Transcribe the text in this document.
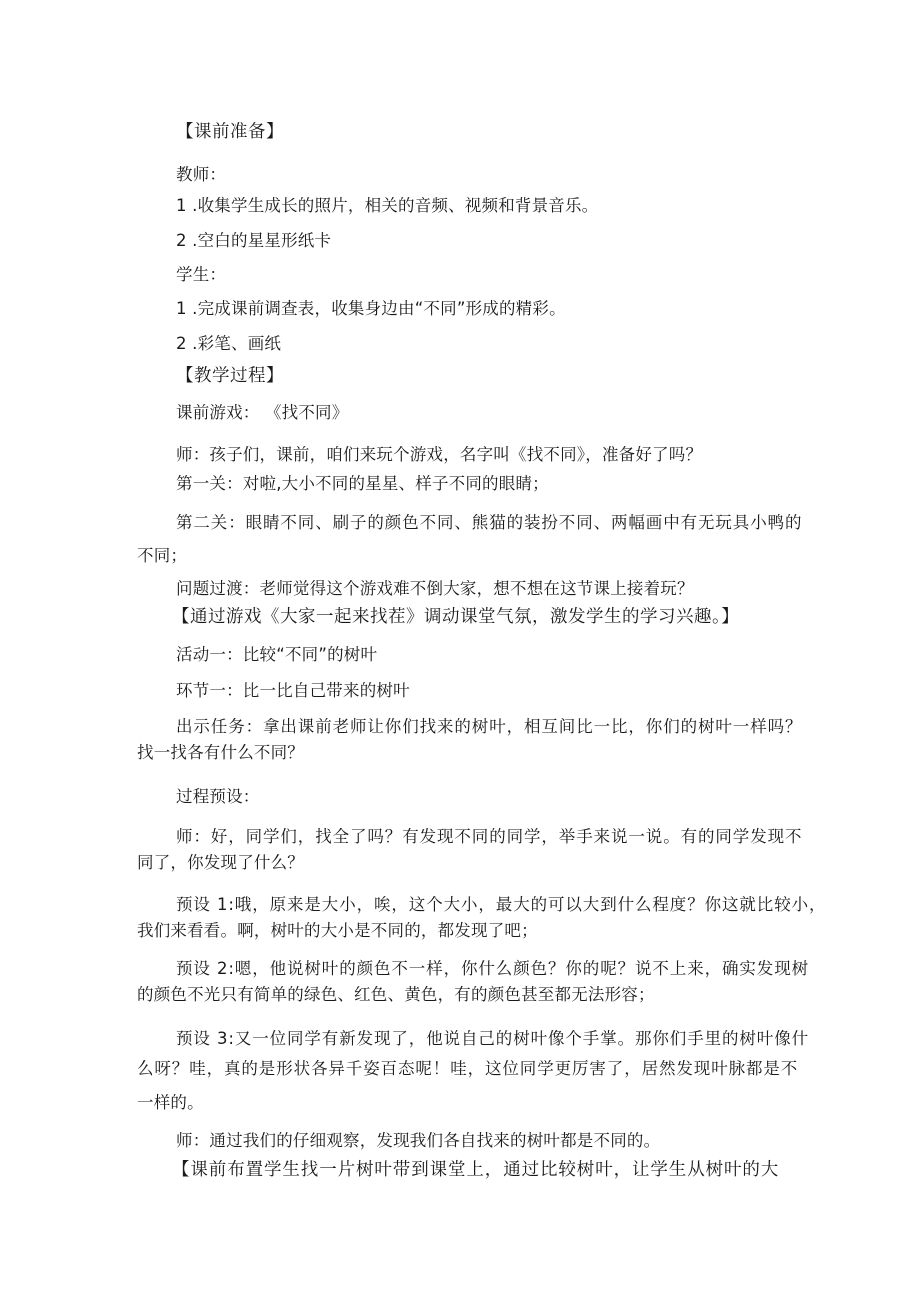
【课前准备】
教师：
1 .收集学生成长的照片，相关的音频、视频和背景音乐。
2 .空白的星星形纸卡
学生：
1 .完成课前调查表，收集身边由“不同”形成的精彩。
2 .彩笔、画纸
【教学过程】
课前游戏： 《找不同》
师：孩子们，课前，咱们来玩个游戏，名字叫《找不同》，准备好了吗？
第一关：对啦,大小不同的星星、样子不同的眼睛；
第二关：眼睛不同、刷子的颜色不同、熊猫的装扮不同、两幅画中有无玩具小鸭的
不同；
问题过渡：老师觉得这个游戏难不倒大家，想不想在这节课上接着玩？
【通过游戏《大家一起来找茬》调动课堂气氛，激发学生的学习兴趣。】
活动一：比较“不同”的树叶
环节一：比一比自己带来的树叶
出示任务：拿出课前老师让你们找来的树叶，相互间比一比，你们的树叶一样吗？
找一找各有什么不同？
过程预设：
师：好，同学们，找全了吗？有发现不同的同学，举手来说一说。有的同学发现不
同了，你发现了什么？
预设 1:哦，原来是大小，唉，这个大小，最大的可以大到什么程度？你这就比较小，
我们来看看。啊，树叶的大小是不同的，都发现了吧；
预设 2:嗯，他说树叶的颜色不一样，你什么颜色？你的呢？说不上来，确实发现树
的颜色不光只有简单的绿色、红色、黄色，有的颜色甚至都无法形容；
预设 3:又一位同学有新发现了，他说自己的树叶像个手掌。那你们手里的树叶像什
么呀？哇，真的是形状各异千姿百态呢！哇，这位同学更厉害了，居然发现叶脉都是不
一样的。
师：通过我们的仔细观察，发现我们各自找来的树叶都是不同的。
【课前布置学生找一片树叶带到课堂上，通过比较树叶，让学生从树叶的大
